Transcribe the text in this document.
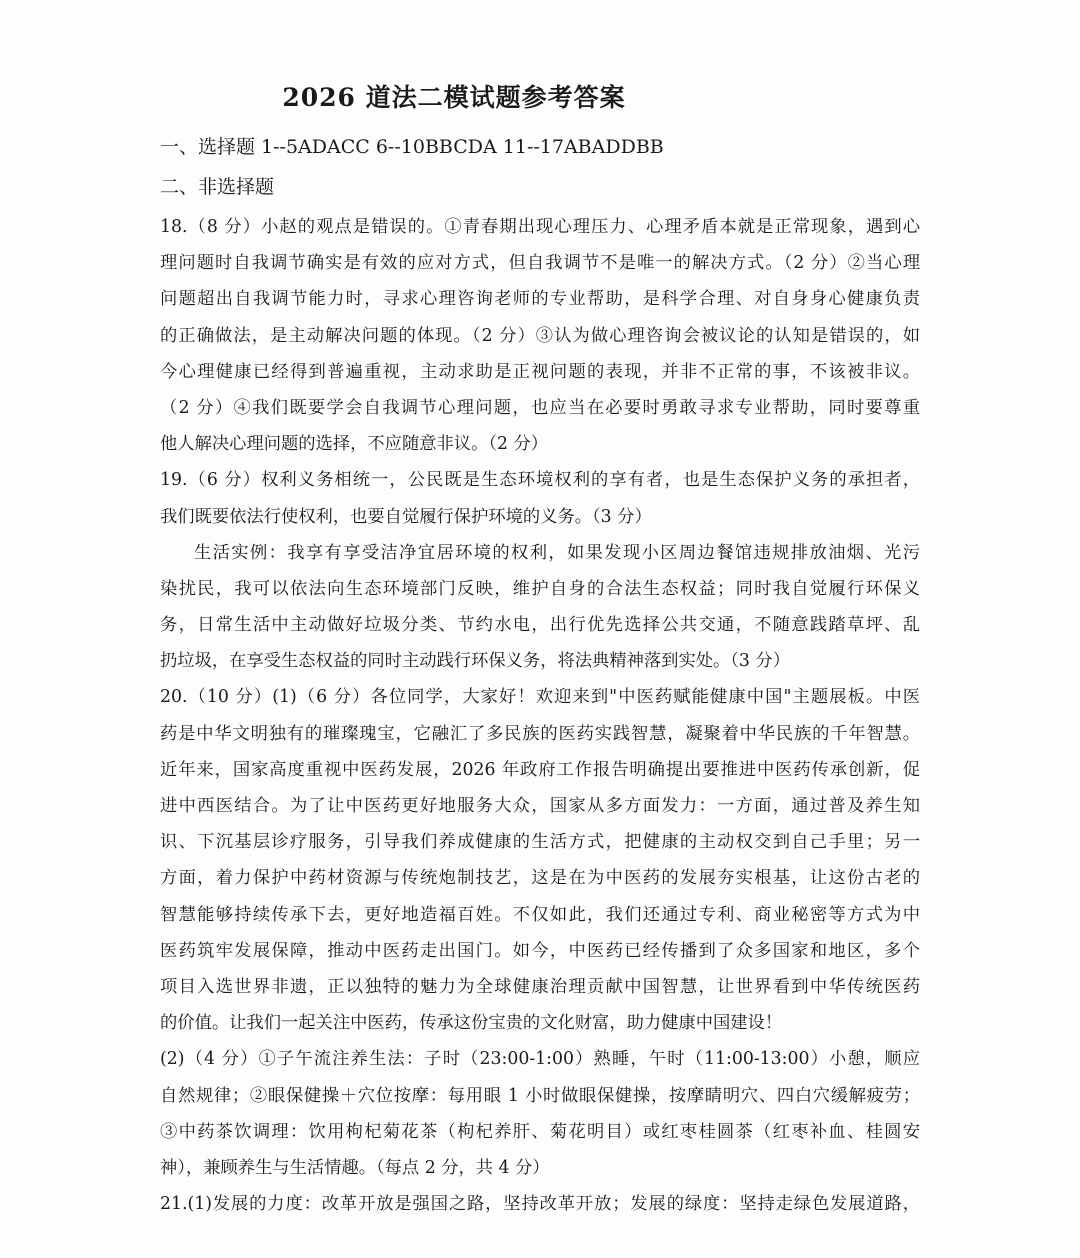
2026 道法二模试题参考答案
一、选择题 1--5ADACC 6--10BBCDA 11--17ABADDBB
二、非选择题
18.（8 分）小赵的观点是错误的。①青春期出现心理压力、心理矛盾本就是正常现象，遇到心
理问题时自我调节确实是有效的应对方式，但自我调节不是唯一的解决方式。（2 分）②当心理
问题超出自我调节能力时，寻求心理咨询老师的专业帮助，是科学合理、对自身身心健康负责
的正确做法，是主动解决问题的体现。（2 分）③认为做心理咨询会被议论的认知是错误的，如
今心理健康已经得到普遍重视，主动求助是正视问题的表现，并非不正常的事，不该被非议。
（2 分）④我们既要学会自我调节心理问题，也应当在必要时勇敢寻求专业帮助，同时要尊重
他人解决心理问题的选择，不应随意非议。（2 分）
19.（6 分）权利义务相统一，公民既是生态环境权利的享有者，也是生态保护义务的承担者，
我们既要依法行使权利，也要自觉履行保护环境的义务。（3 分）
生活实例：我享有享受洁净宜居环境的权利，如果发现小区周边餐馆违规排放油烟、光污
染扰民，我可以依法向生态环境部门反映，维护自身的合法生态权益；同时我自觉履行环保义
务，日常生活中主动做好垃圾分类、节约水电，出行优先选择公共交通，不随意践踏草坪、乱
扔垃圾，在享受生态权益的同时主动践行环保义务，将法典精神落到实处。（3 分）
20.（10 分）(1)（6 分）各位同学，大家好！欢迎来到"中医药赋能健康中国"主题展板。中医
药是中华文明独有的璀璨瑰宝，它融汇了多民族的医药实践智慧，凝聚着中华民族的千年智慧。
近年来，国家高度重视中医药发展，2026 年政府工作报告明确提出要推进中医药传承创新，促
进中西医结合。为了让中医药更好地服务大众，国家从多方面发力：一方面，通过普及养生知
识、下沉基层诊疗服务，引导我们养成健康的生活方式，把健康的主动权交到自己手里；另一
方面，着力保护中药材资源与传统炮制技艺，这是在为中医药的发展夯实根基，让这份古老的
智慧能够持续传承下去，更好地造福百姓。不仅如此，我们还通过专利、商业秘密等方式为中
医药筑牢发展保障，推动中医药走出国门。如今，中医药已经传播到了众多国家和地区，多个
项目入选世界非遗，正以独特的魅力为全球健康治理贡献中国智慧，让世界看到中华传统医药
的价值。让我们一起关注中医药，传承这份宝贵的文化财富，助力健康中国建设！
(2)（4 分）①子午流注养生法：子时（23:00-1:00）熟睡，午时（11:00-13:00）小憩，顺应
自然规律；②眼保健操＋穴位按摩：每用眼 1 小时做眼保健操，按摩睛明穴、四白穴缓解疲劳；
③中药茶饮调理：饮用枸杞菊花茶（枸杞养肝、菊花明目）或红枣桂圆茶（红枣补血、桂圆安
神），兼顾养生与生活情趣。（每点 2 分，共 4 分）
21.(1)发展的力度：改革开放是强国之路，坚持改革开放；发展的绿度：坚持走绿色发展道路，
